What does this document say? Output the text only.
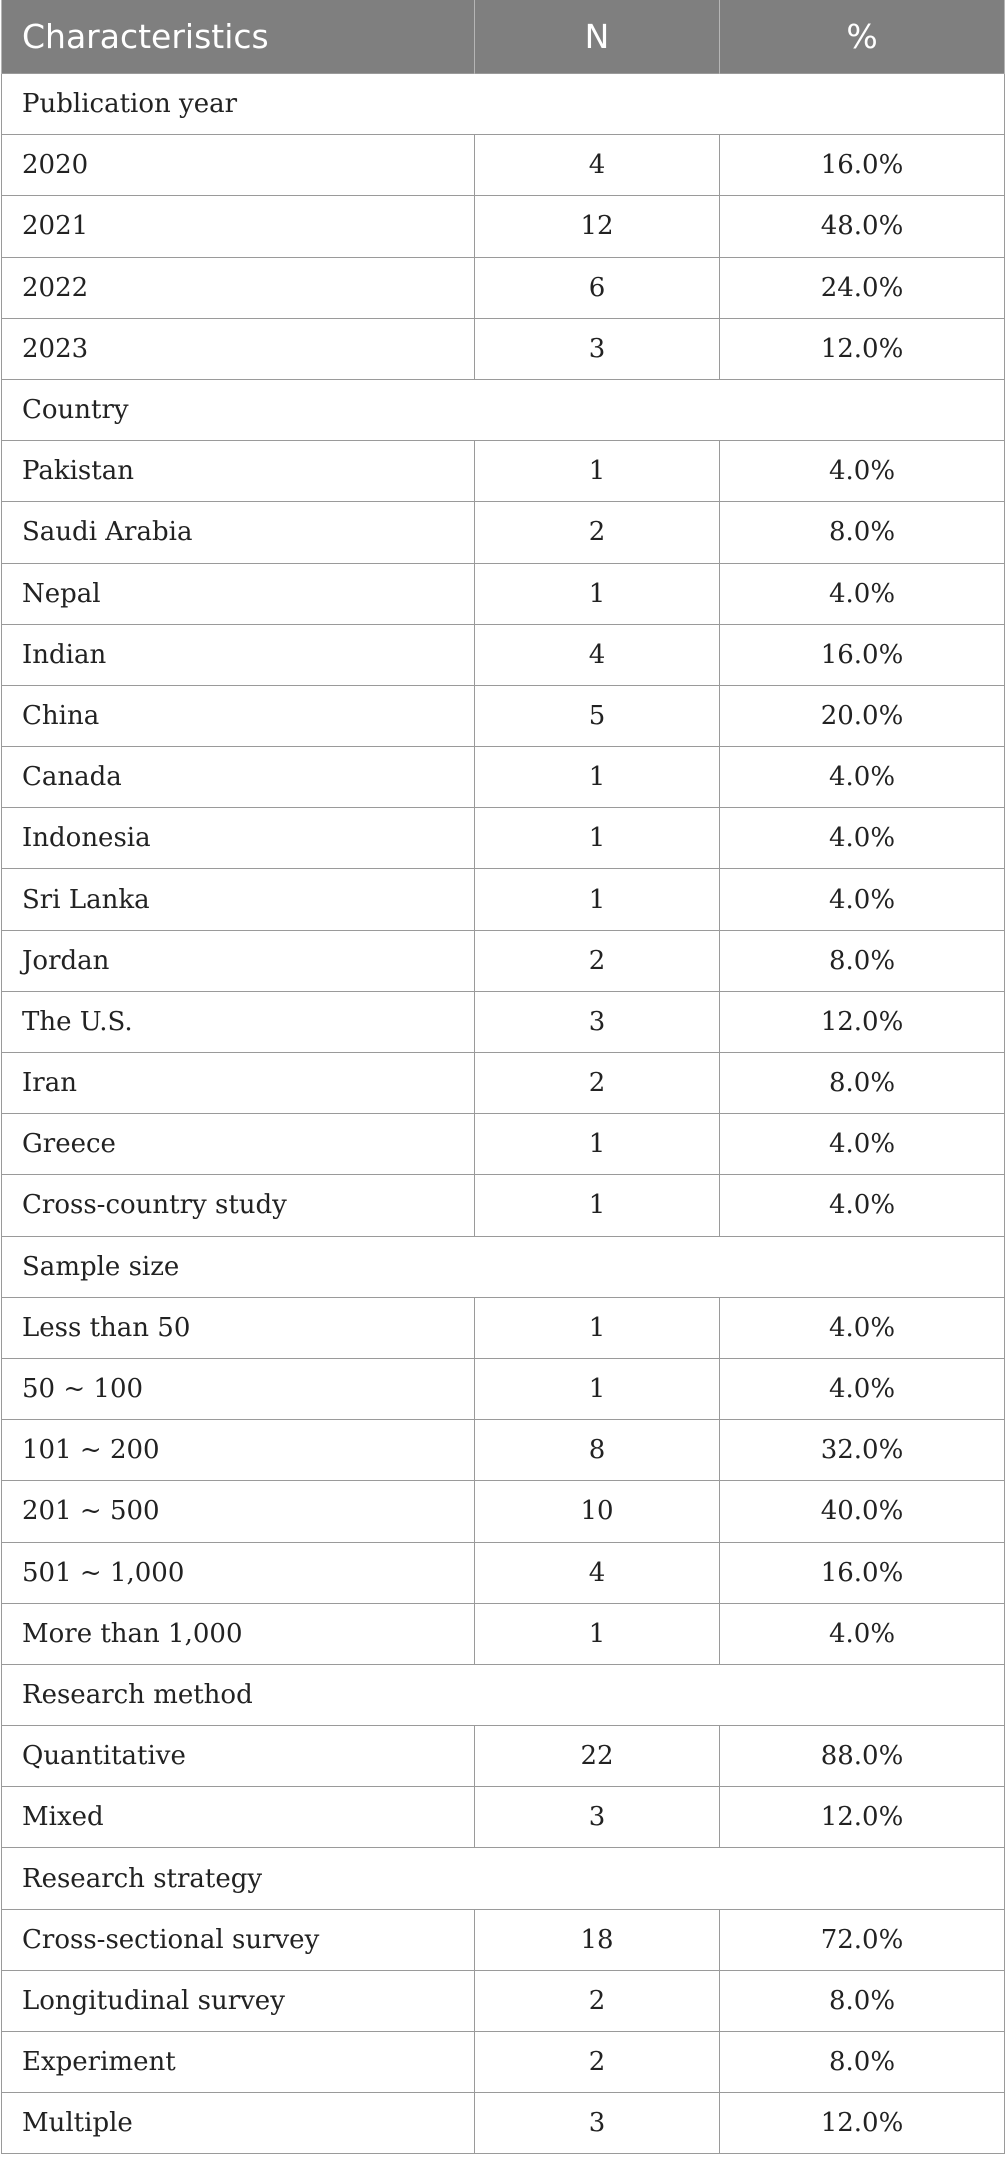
Characteristics	N	%
Publication year		
2020	4	16.0%
2021	12	48.0%
2022	6	24.0%
2023	3	12.0%
Country		
Pakistan	1	4.0%
Saudi Arabia	2	8.0%
Nepal	1	4.0%
Indian	4	16.0%
China	5	20.0%
Canada	1	4.0%
Indonesia	1	4.0%
Sri Lanka	1	4.0%
Jordan	2	8.0%
The U.S.	3	12.0%
Iran	2	8.0%
Greece	1	4.0%
Cross-country study	1	4.0%
Sample size		
Less than 50	1	4.0%
50 ~ 100	1	4.0%
101 ~ 200	8	32.0%
201 ~ 500	10	40.0%
501 ~ 1,000	4	16.0%
More than 1,000	1	4.0%
Research method		
Quantitative	22	88.0%
Mixed	3	12.0%
Research strategy		
Cross-sectional survey	18	72.0%
Longitudinal survey	2	8.0%
Experiment	2	8.0%
Multiple	3	12.0%
